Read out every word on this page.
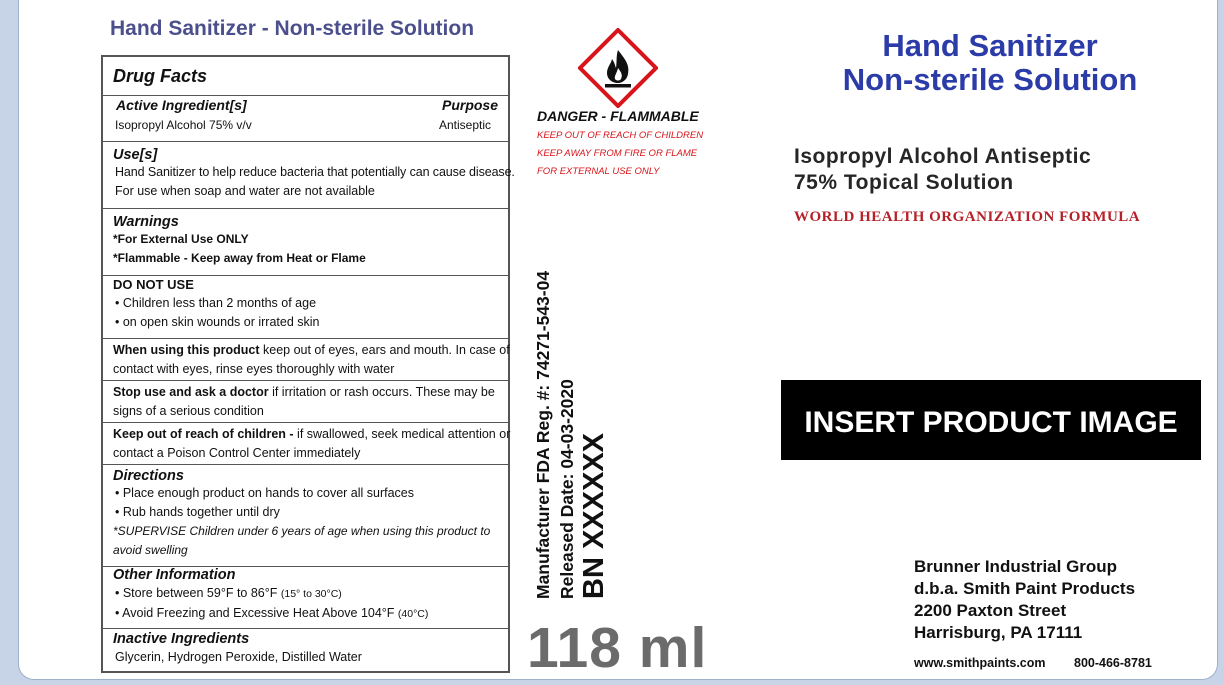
Hand Sanitizer - Non-sterile Solution
Drug Facts
Active Ingredient[s]	Purpose
Isopropyl Alcohol 75% v/v	Antiseptic
Use[s]
Hand Sanitizer to help reduce bacteria that potentially can cause disease.
For use when soap and water are not available
Warnings
*For External Use ONLY
*Flammable - Keep away from Heat or Flame
DO NOT USE
• Children less than 2 months of age
• on open skin wounds or irrated skin
When using this product keep out of eyes, ears and mouth. In case of
contact with eyes, rinse eyes thoroughly with water
Stop use and ask a doctor if irritation or rash occurs. These may be
signs of a serious condition
Keep out of reach of children - if swallowed, seek medical attention or
contact a Poison Control Center immediately
Directions
• Place enough product on hands to cover all surfaces
• Rub hands together until dry
*SUPERVISE Children under 6 years of age when using this product to
avoid swelling
Other Information
• Store between 59°F to 86°F (15° to 30°C)
• Avoid Freezing and Excessive Heat Above 104°F (40°C)
Inactive Ingredients
Glycerin, Hydrogen Peroxide, Distilled Water
DANGER - FLAMMABLE
KEEP OUT OF REACH OF CHILDREN
KEEP AWAY FROM FIRE OR FLAME
FOR EXTERNAL USE ONLY
Manufacturer FDA Reg. #: 74271-543-04 Released Date: 04-03-2020 BN XXXXXX
118 ml
Hand Sanitizer
Non-sterile Solution
Isopropyl Alcohol Antiseptic
75% Topical Solution
WORLD HEALTH ORGANIZATION FORMULA
INSERT PRODUCT IMAGE
Brunner Industrial Group
d.b.a. Smith Paint Products
2200 Paxton Street
Harrisburg, PA 17111
www.smithpaints.com 800-466-8781
